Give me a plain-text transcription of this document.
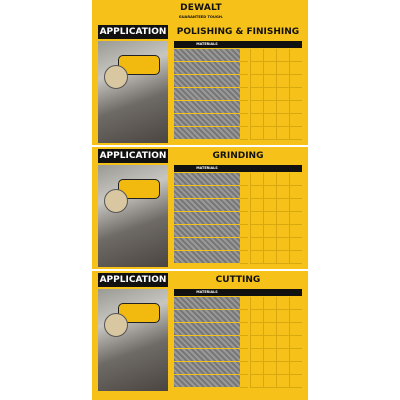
DEWALT
GUARANTEED TOUGH.
APPLICATION	POLISHING & FINISHING
MATERIALS
APPLICATION	GRINDING
MATERIALS
APPLICATION	CUTTING
MATERIALS
